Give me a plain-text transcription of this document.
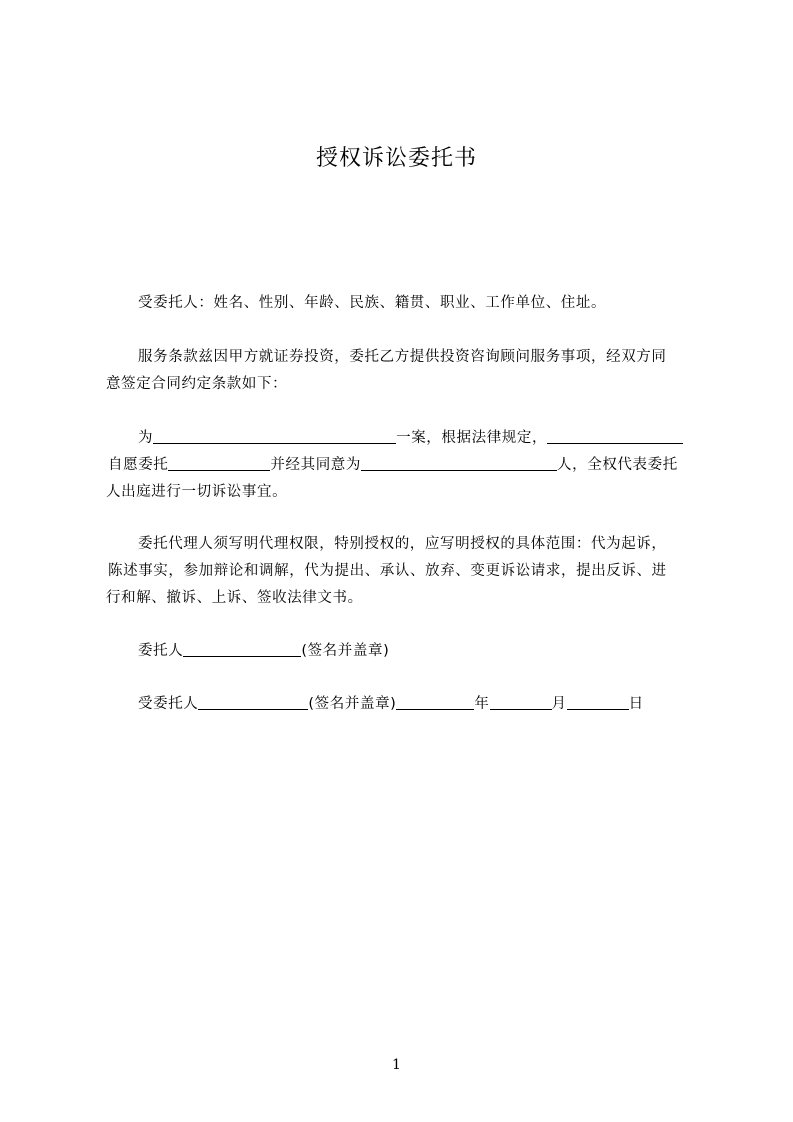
授权诉讼委托书
受委托人：姓名、性别、年龄、民族、籍贯、职业、工作单位、住址。
服务条款兹因甲方就证券投资，委托乙方提供投资咨询顾问服务事项，经双方同
意签定合同约定条款如下：
为	一案，根据法律规定，
自愿委托	并经其同意为	人，全权代表委托
人出庭进行一切诉讼事宜。
委托代理人须写明代理权限，特别授权的，应写明授权的具体范围：代为起诉，
陈述事实，参加辩论和调解，代为提出、承认、放弃、变更诉讼请求，提出反诉、进
行和解、撤诉、上诉、签收法律文书。
委托人	(签名并盖章)
受委托人	(签名并盖章)	年	月	日
1
